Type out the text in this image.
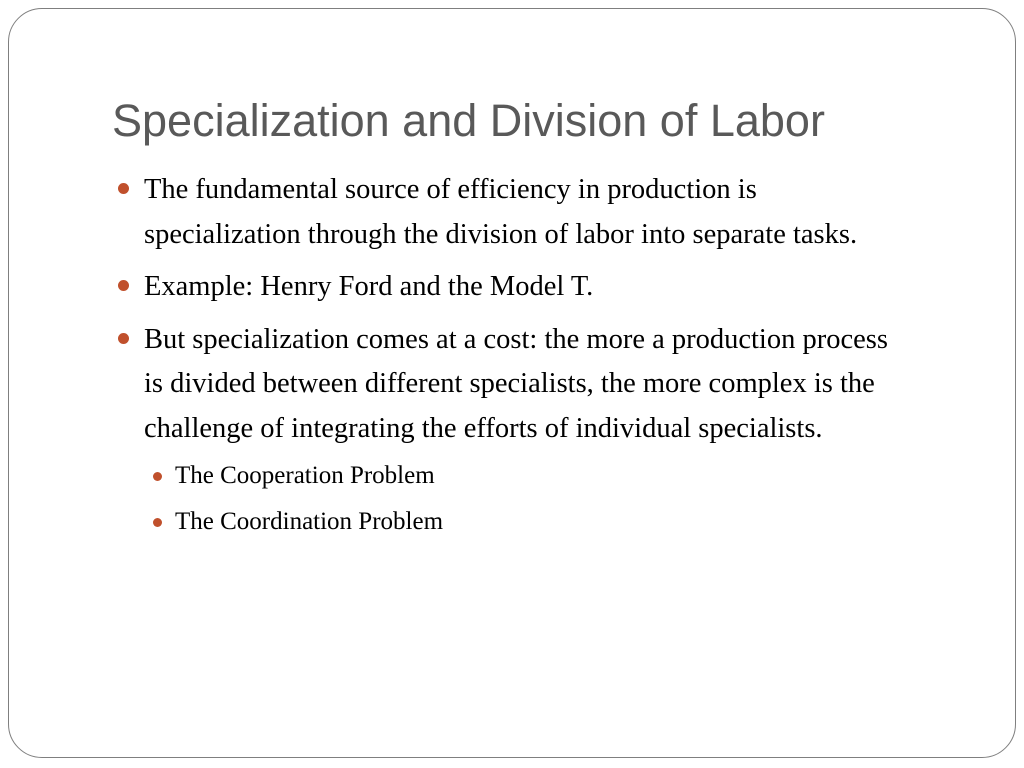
Specialization and Division of Labor
The fundamental source of efficiency in production is specialization through the division of labor into separate tasks.
Example: Henry Ford and the Model T.
But specialization comes at a cost: the more a production process is divided between different specialists, the more complex is the challenge of integrating the efforts of individual specialists.
The Cooperation Problem
The Coordination Problem
